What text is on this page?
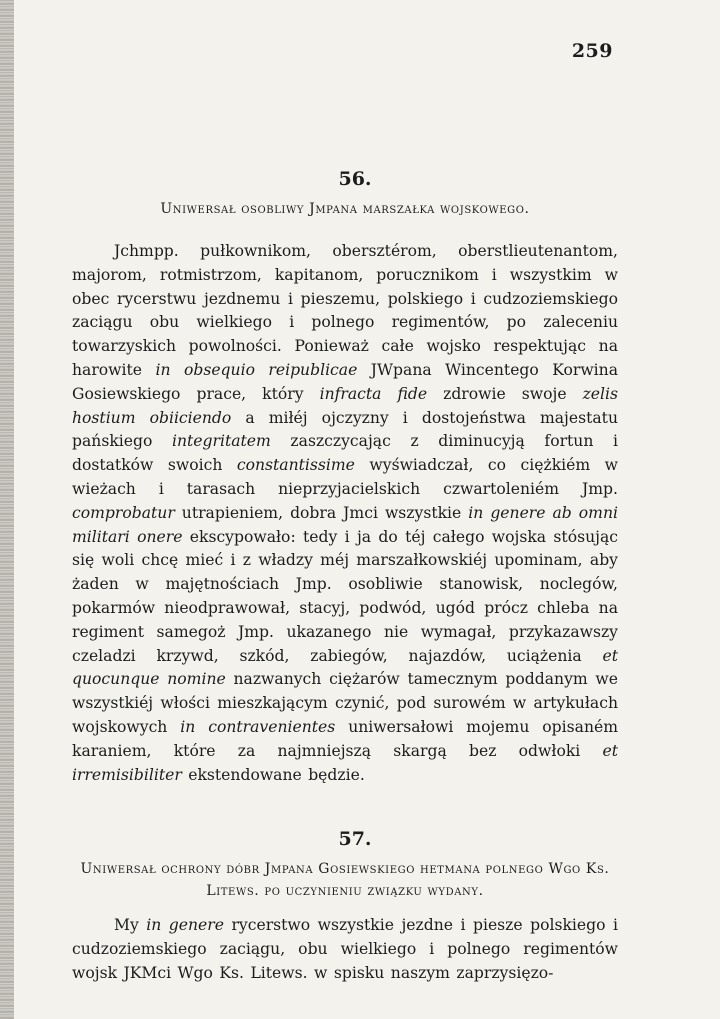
259

56.

Uniwersał osobliwy Jmpana marszałka wojskowego.

Jchmpp. pułkownikom, obersztérom, oberstlieutenantom, majorom, rotmistrzom, kapitanom, porucznikom i wszystkim w obec rycerstwu jezdnemu i pieszemu, polskiego i cudzoziemskiego zaciągu obu wielkiego i polnego regimentów, po zaleceniu towarzyskich powolności. Ponieważ całe wojsko respektując na harowite in obsequio reipublicae JWpana Wincentego Korwina Gosiewskiego prace, który infracta fide zdrowie swoje zelis hostium obiiciendo a miłéj ojczyzny i dostojeństwa majestatu pańskiego integritatem zaszczycając z diminucyją fortun i dostatków swoich constantissime wyświadczał, co ciężkiém w wieżach i tarasach nieprzyjacielskich czwartoleniém Jmp. comprobatur utrapieniem, dobra Jmci wszystkie in genere ab omni militari onere ekscypowało: tedy i ja do téj całego wojska stósując się woli chcę mieć i z władzy méj marszałkowskiéj upominam, aby żaden w majętnościach Jmp. osobliwie stanowisk, noclegów, pokarmów nieodprawował, stacyj, podwód, ugód prócz chleba na regiment samegoż Jmp. ukazanego nie wymagał, przykazawszy czeladzi krzywd, szkód, zabiegów, najazdów, uciążenia et quocunque nomine nazwanych ciężarów tamecznym poddanym we wszystkiéj włości mieszkającym czynić, pod surowém w artykułach wojskowych in contravenientes uniwersałowi mojemu opisaném karaniem, które za najmniejszą skargą bez odwłoki et irremisibiliter ekstendowane będzie.

57.

Uniwersał ochrony dóbr Jmpana Gosiewskiego hetmana polnego Wgo Ks. Litews. po uczynieniu związku wydany.

My in genere rycerstwo wszystkie jezdne i piesze polskiego i cudzoziemskiego zaciągu, obu wielkiego i polnego regimentów wojsk JKMci Wgo Ks. Litews. w spisku naszym zaprzysięzo-
